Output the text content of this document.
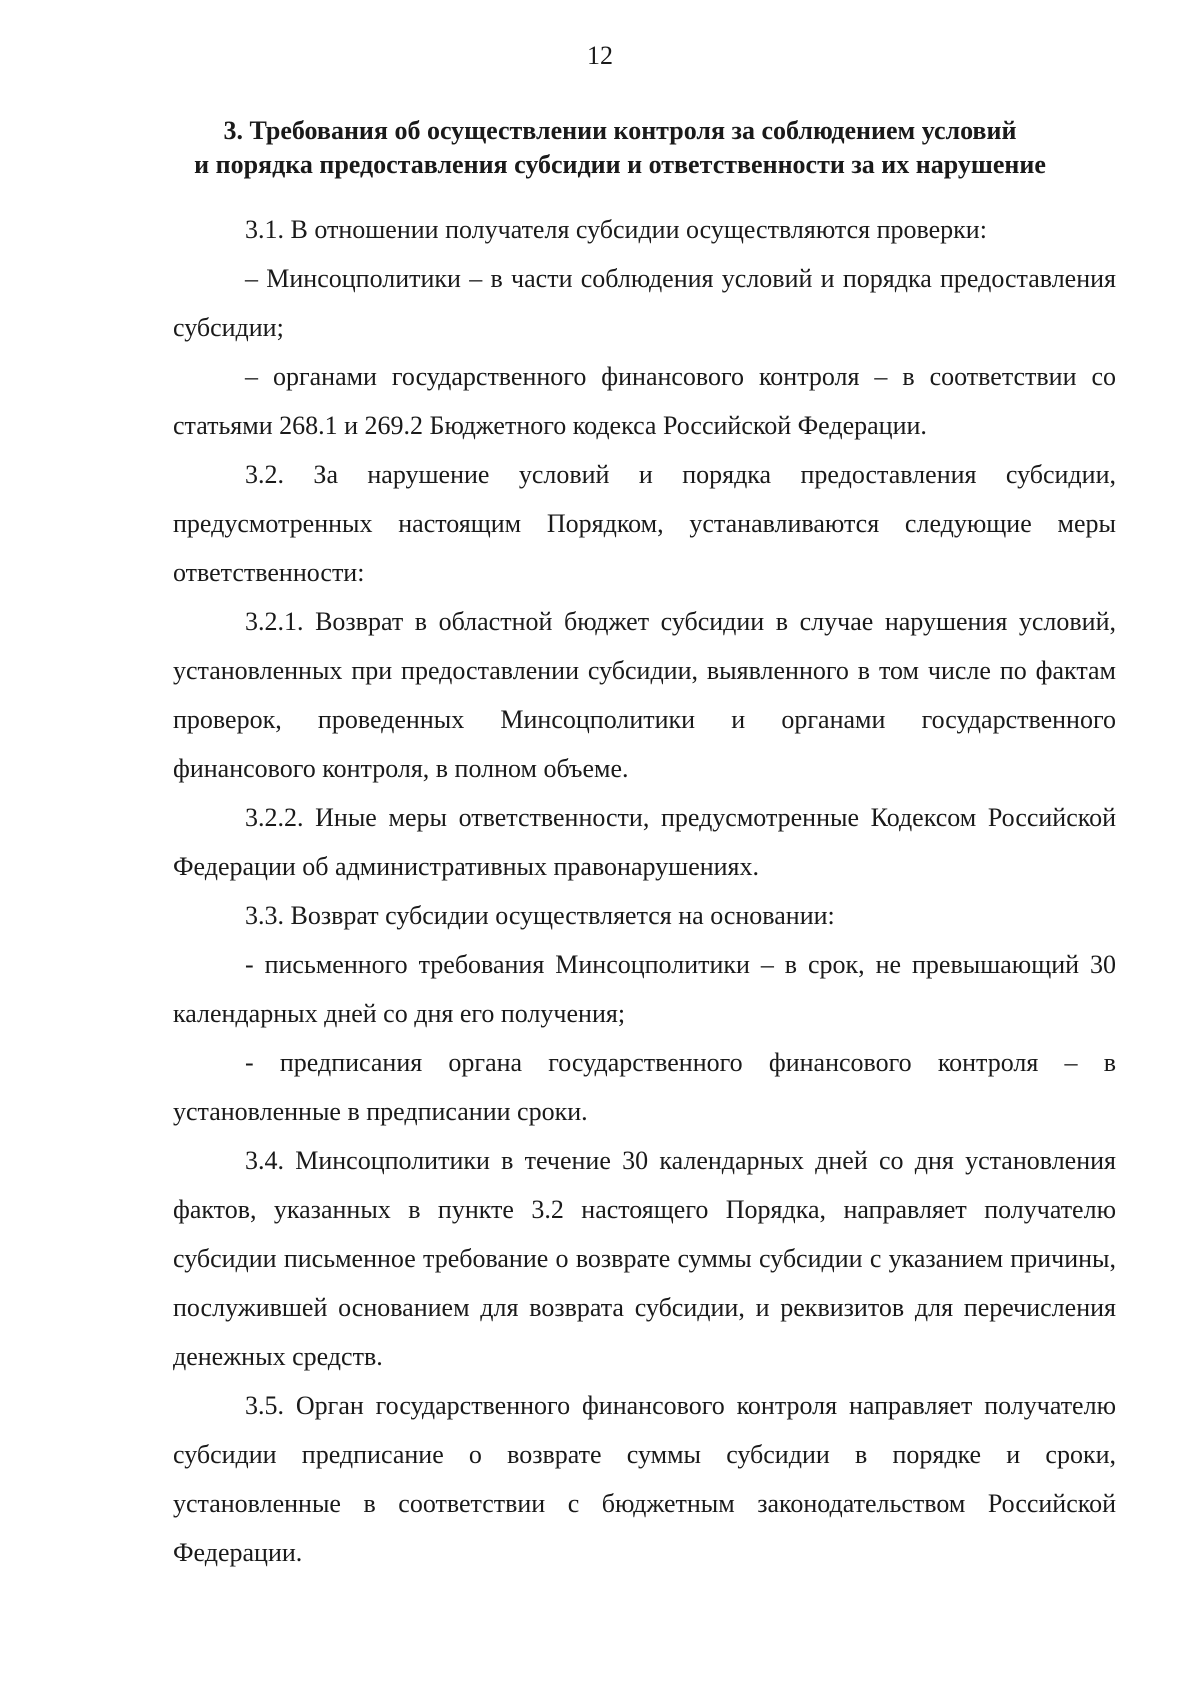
12
3. Требования об осуществлении контроля за соблюдением условий
и порядка предоставления субсидии и ответственности за их нарушение

3.1. В отношении получателя субсидии осуществляются проверки:

– Минсоцполитики – в части соблюдения условий и порядка предоставления субсидии;

– органами государственного финансового контроля – в соответствии со статьями 268.1 и 269.2 Бюджетного кодекса Российской Федерации.

3.2. За нарушение условий и порядка предоставления субсидии, предусмотренных настоящим Порядком, устанавливаются следующие меры ответственности:

3.2.1. Возврат в областной бюджет субсидии в случае нарушения условий, установленных при предоставлении субсидии, выявленного в том числе по фактам проверок, проведенных Минсоцполитики и органами государственного финансового контроля, в полном объеме.

3.2.2. Иные меры ответственности, предусмотренные Кодексом Российской Федерации об административных правонарушениях.

3.3. Возврат субсидии осуществляется на основании:

- письменного требования Минсоцполитики – в срок, не превышающий 30 календарных дней со дня его получения;

- предписания органа государственного финансового контроля – в установленные в предписании сроки.

3.4. Минсоцполитики в течение 30 календарных дней со дня установления фактов, указанных в пункте 3.2 настоящего Порядка, направляет получателю субсидии письменное требование о возврате суммы субсидии с указанием причины, послужившей основанием для возврата субсидии, и реквизитов для перечисления денежных средств.

3.5. Орган государственного финансового контроля направляет получателю субсидии предписание о возврате суммы субсидии в порядке и сроки, установленные в соответствии с бюджетным законодательством Российской Федерации.
